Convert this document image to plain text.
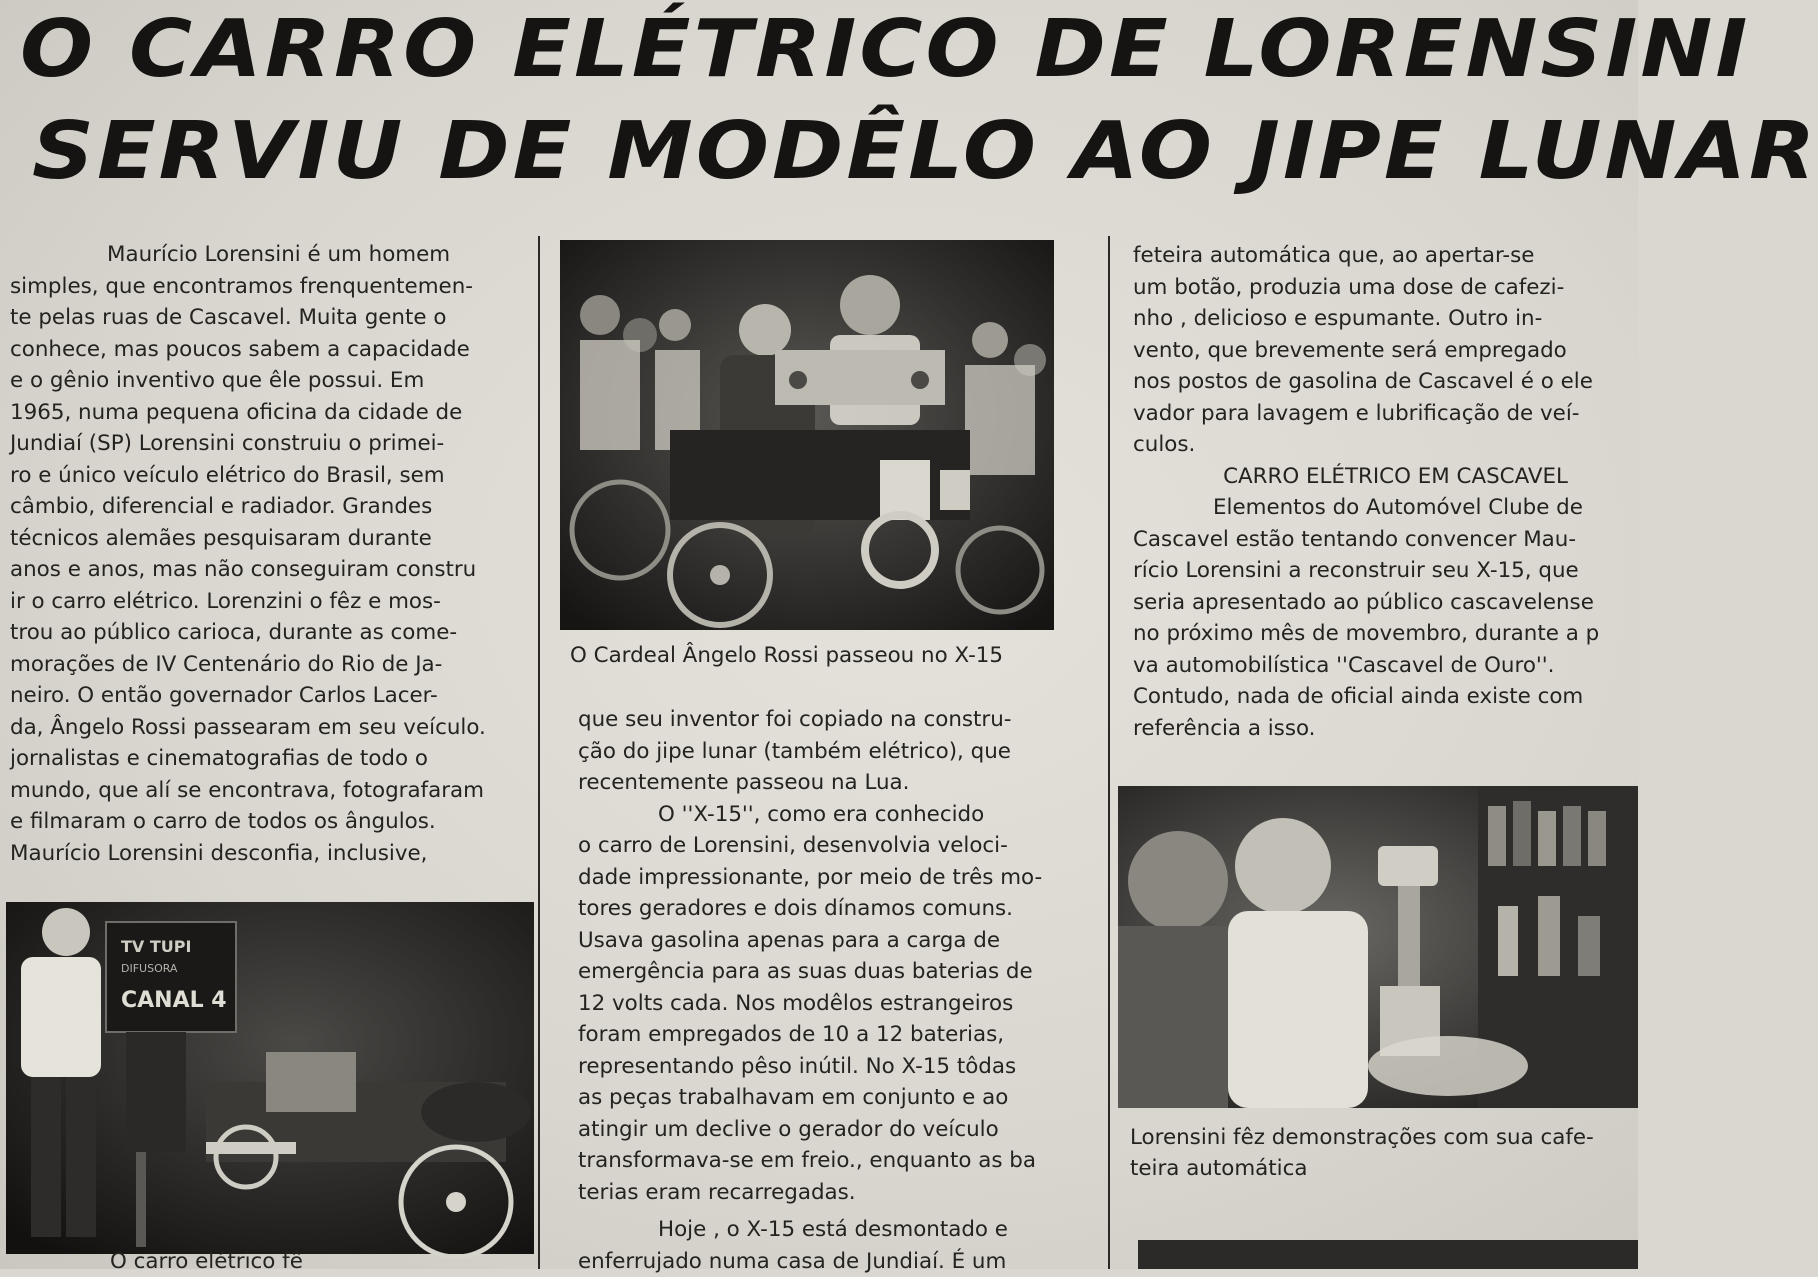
O CARRO ELÉTRICO DE LORENSINI
SERVIU DE MODÊLO AO JIPE LUNAR

Maurício Lorensini é um homem

simples, que encontramos frenquentemen-

te pelas ruas de Cascavel. Muita gente o

conhece, mas poucos sabem a capacidade

e o gênio inventivo que êle possui. Em

1965, numa pequena oficina da cidade de

Jundiaí (SP) Lorensini construiu o primei-

ro e único veículo elétrico do Brasil, sem

câmbio, diferencial e radiador. Grandes

técnicos alemães pesquisaram durante

anos e anos, mas não conseguiram constru

ir o carro elétrico. Lorenzini o fêz e mos-

trou ao público carioca, durante as come-

morações de IV Centenário do Rio de Ja-

neiro. O então governador Carlos Lacer-

da, Ângelo Rossi passearam em seu veículo.

jornalistas e cinematografias de todo o

mundo, que alí se encontrava, fotografaram

e filmaram o carro de todos os ângulos.

Maurício Lorensini desconfia, inclusive,

O Cardeal Ângelo Rossi passeou no X-15

que seu inventor foi copiado na constru-

ção do jipe lunar (também elétrico), que

recentemente passeou na Lua.

O ''X-15'', como era conhecido

o carro de Lorensini, desenvolvia veloci-

dade impressionante, por meio de três mo-

tores geradores e dois dínamos comuns.

Usava gasolina apenas para a carga de

emergência para as suas duas baterias de

12 volts cada. Nos modêlos estrangeiros

foram empregados de 10 a 12 baterias,

representando pêso inútil. No X-15 tôdas

as peças trabalhavam em conjunto e ao

atingir um declive o gerador do veículo

transformava-se em freio., enquanto as ba

terias eram recarregadas.

Hoje , o X-15 está desmontado e

enferrujado numa casa de Jundiaí. É um

TV TUPI
DIFUSORA
CANAL 4
O carro elétrico fê

feteira automática que, ao apertar-se

um botão, produzia uma dose de cafezi-

nho , delicioso e espumante. Outro in-

vento, que brevemente será empregado

nos postos de gasolina de Cascavel é o ele

vador para lavagem e lubrificação de veí-

culos.

CARRO ELÉTRICO EM CASCAVEL

Elementos do Automóvel Clube de

Cascavel estão tentando convencer Mau-

rício Lorensini a reconstruir seu X-15, que

seria apresentado ao público cascavelense

no próximo mês de movembro, durante a p

va automobilística ''Cascavel de Ouro''.

Contudo, nada de oficial ainda existe com

referência a isso.

Lorensini fêz demonstrações com sua cafe-
teira automática
